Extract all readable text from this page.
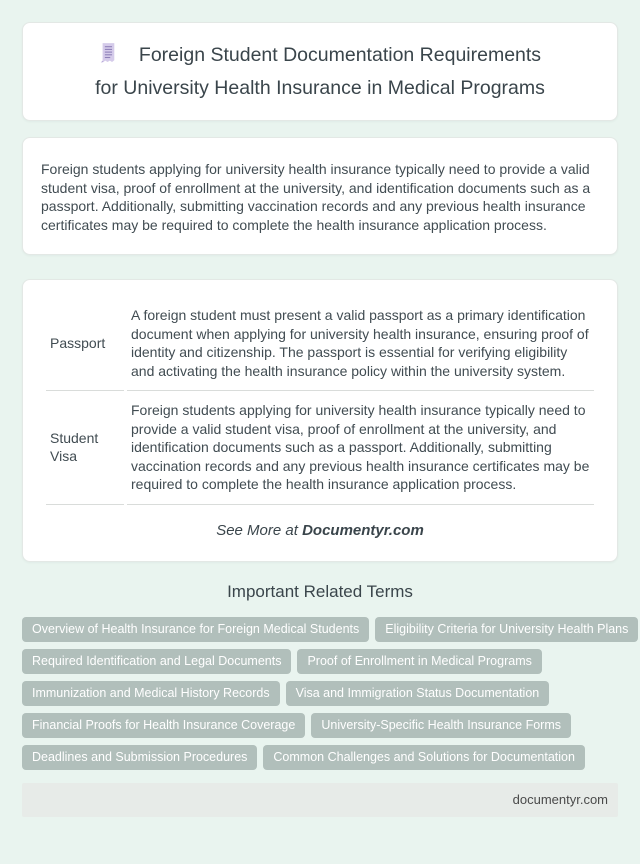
Foreign Student Documentation Requirements
for University Health Insurance in Medical Programs

Foreign students applying for university health insurance typically need to provide a valid student visa, proof of enrollment at the university, and identification documents such as a passport. Additionally, submitting vaccination records and any previous health insurance certificates may be required to complete the health insurance application process.

Passport	A foreign student must present a valid passport as a primary identification document when applying for university health insurance, ensuring proof of identity and citizenship. The passport is essential for verifying eligibility and activating the health insurance policy within the university system.
Student Visa	Foreign students applying for university health insurance typically need to provide a valid student visa, proof of enrollment at the university, and identification documents such as a passport. Additionally, submitting vaccination records and any previous health insurance certificates may be required to complete the health insurance application process.

See More at Documentyr.com

Important Related Terms
Overview of Health Insurance for Foreign Medical Students	Eligibility Criteria for University Health Plans
Required Identification and Legal Documents	Proof of Enrollment in Medical Programs
Immunization and Medical History Records	Visa and Immigration Status Documentation
Financial Proofs for Health Insurance Coverage	University-Specific Health Insurance Forms
Deadlines and Submission Procedures	Common Challenges and Solutions for Documentation
documentyr.com
